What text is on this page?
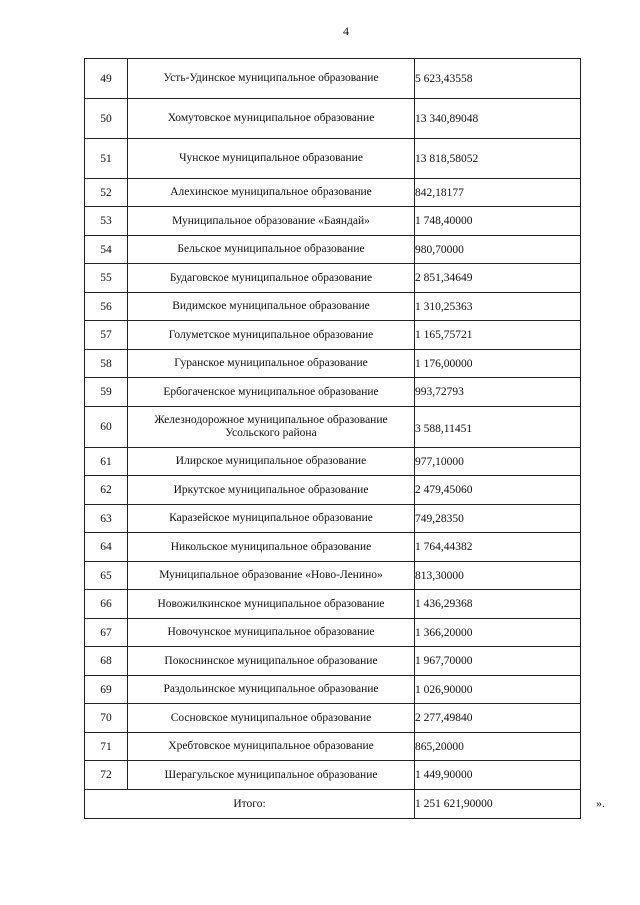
4
49	Усть-Удинское муниципальное образование	5 623,43558
50	Хомутовское муниципальное образование	13 340,89048
51	Чунское муниципальное образование	13 818,58052
52	Алехинское муниципальное образование	842,18177
53	Муниципальное образование «Баяндай»	1 748,40000
54	Бельское муниципальное образование	980,70000
55	Будаговское муниципальное образование	2 851,34649
56	Видимское муниципальное образование	1 310,25363
57	Голуметское муниципальное образование	1 165,75721
58	Гуранское муниципальное образование	1 176,00000
59	Ербогаченское муниципальное образование	993,72793
60	Железнодорожное муниципальное образование Усольского района	3 588,11451
61	Илирское муниципальное образование	977,10000
62	Иркутское муниципальное образование	2 479,45060
63	Каразейское муниципальное образование	749,28350
64	Никольское муниципальное образование	1 764,44382
65	Муниципальное образование «Ново-Ленино»	813,30000
66	Новожилкинское муниципальное образование	1 436,29368
67	Новочунское муниципальное образование	1 366,20000
68	Покоснинское муниципальное образование	1 967,70000
69	Раздольинское муниципальное образование	1 026,90000
70	Сосновское муниципальное образование	2 277,49840
71	Хребтовское муниципальное образование	865,20000
72	Шерагульское муниципальное образование	1 449,90000
Итого:		1 251 621,90000	».
